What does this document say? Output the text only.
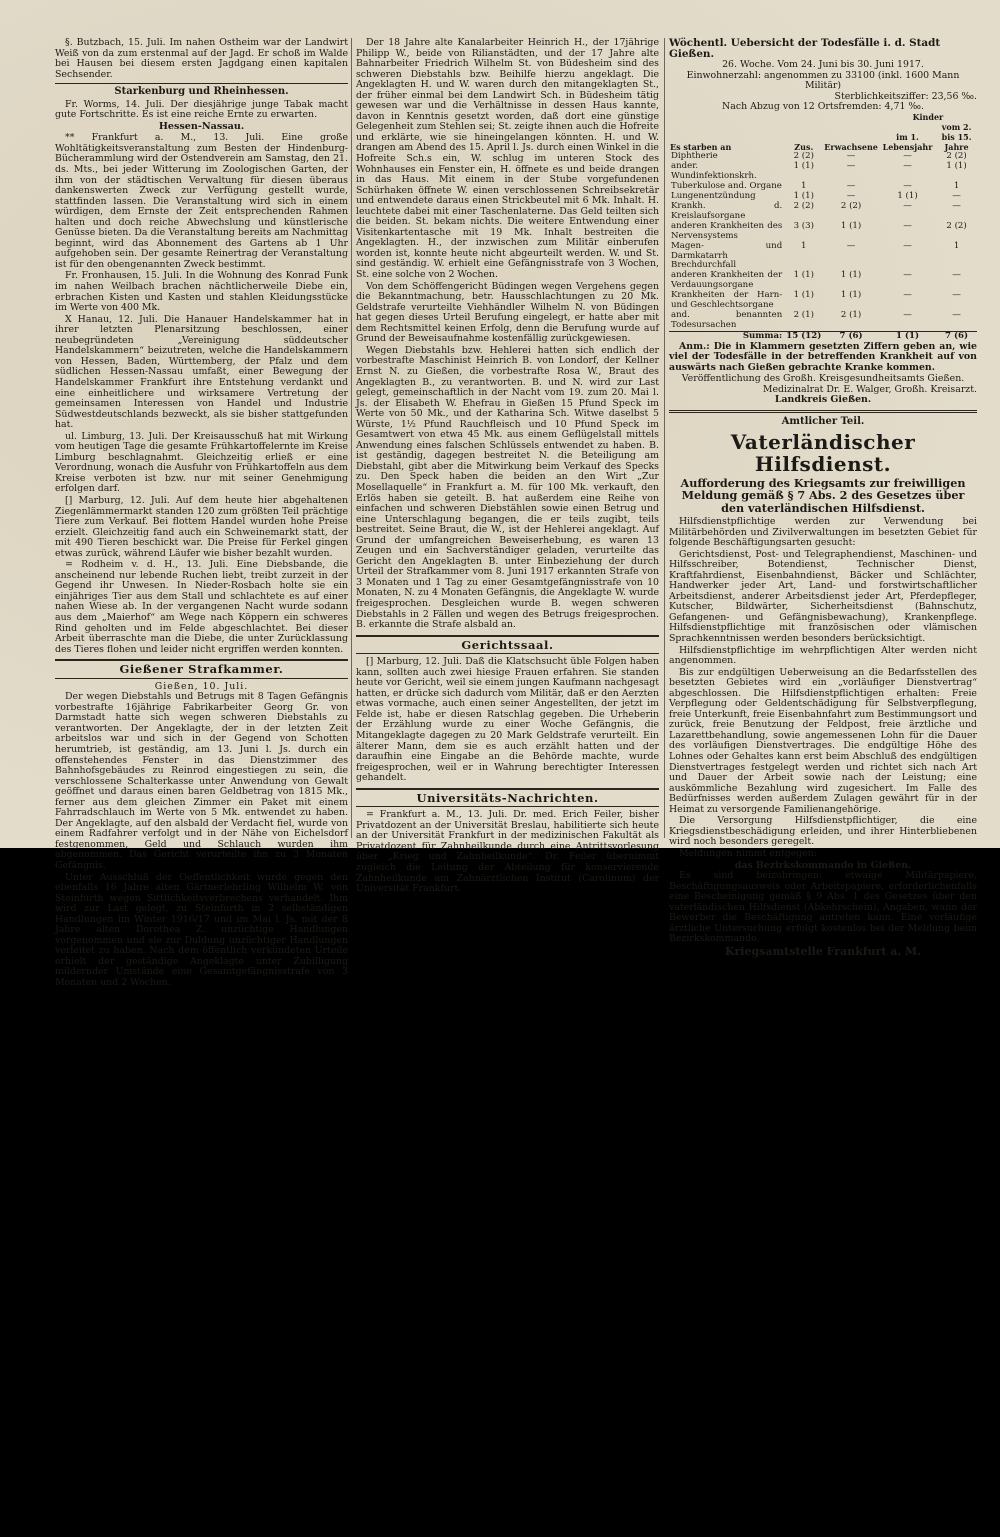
§. Butzbach, 15. Juli. Im nahen Ostheim war der Landwirt Weiß von da zum erstenmal auf der Jagd. Er schoß im Walde bei Hausen bei diesem ersten Jagdgang einen kapitalen Sechsender.

Starkenburg und Rheinhessen.

Fr. Worms, 14. Juli. Der diesjährige junge Tabak macht gute Fortschritte. Es ist eine reiche Ernte zu erwarten.

Hessen-Nassau.

** Frankfurt a. M., 13. Juli. Eine große Wohltätigkeitsveranstaltung zum Besten der Hindenburg-Bücherammlung wird der Ostendverein am Samstag, den 21. ds. Mts., bei jeder Witterung im Zoologischen Garten, der ihm von der städtischen Verwaltung für diesen überaus dankenswerten Zweck zur Verfügung gestellt wurde, stattfinden lassen. Die Veranstaltung wird sich in einem würdigen, dem Ernste der Zeit entsprechenden Rahmen halten und doch reiche Abwechslung und künstlerische Genüsse bieten. Da die Veranstaltung bereits am Nachmittag beginnt, wird das Abonnement des Gartens ab 1 Uhr aufgehoben sein. Der gesamte Reinertrag der Veranstaltung ist für den obengenannten Zweck bestimmt.

Fr. Fronhausen, 15. Juli. In die Wohnung des Konrad Funk im nahen Weilbach brachen nächtlicherweile Diebe ein, erbrachen Kisten und Kasten und stahlen Kleidungsstücke im Werte von 400 Mk.

X Hanau, 12. Juli. Die Hanauer Handelskammer hat in ihrer letzten Plenarsitzung beschlossen, einer neubegründeten „Vereinigung süddeutscher Handelskammern“ beizutreten, welche die Handelskammern von Hessen, Baden, Württemberg, der Pfalz und dem südlichen Hessen-Nassau umfaßt, einer Bewegung der Handelskammer Frankfurt ihre Entstehung verdankt und eine einheitlichere und wirksamere Vertretung der gemeinsamen Interessen von Handel und Industrie Südwestdeutschlands bezweckt, als sie bisher stattgefunden hat.

ul. Limburg, 13. Juli. Der Kreisausschuß hat mit Wirkung vom heutigen Tage die gesamte Frühkartoffelernte im Kreise Limburg beschlagnahmt. Gleichzeitig erließ er eine Verordnung, wonach die Ausfuhr von Frühkartoffeln aus dem Kreise verboten ist bzw. nur mit seiner Genehmigung erfolgen darf.

[] Marburg, 12. Juli. Auf dem heute hier abgehaltenen Ziegenlämmermarkt standen 120 zum größten Teil prächtige Tiere zum Verkauf. Bei flottem Handel wurden hohe Preise erzielt. Gleichzeitig fand auch ein Schweinemarkt statt, der mit 490 Tieren beschickt war. Die Preise für Ferkel gingen etwas zurück, während Läufer wie bisher bezahlt wurden.

= Rodheim v. d. H., 13. Juli. Eine Diebsbande, die anscheinend nur lebende Ruchen liebt, treibt zurzeit in der Gegend ihr Unwesen. In Nieder-Rosbach holte sie ein einjähriges Tier aus dem Stall und schlachtete es auf einer nahen Wiese ab. In der vergangenen Nacht wurde sodann aus dem „Maierhof“ am Wege nach Köppern ein schweres Rind geholten und im Felde abgeschlachtet. Bei dieser Arbeit überraschte man die Diebe, die unter Zurücklassung des Tieres flohen und leider nicht ergriffen werden konnten.

Gießener Strafkammer.
Gießen, 10. Juli.

Der wegen Diebstahls und Betrugs mit 8 Tagen Gefängnis vorbestrafte 16jährige Fabrikarbeiter Georg Gr. von Darmstadt hatte sich wegen schweren Diebstahls zu verantworten. Der Angeklagte, der in der letzten Zeit arbeitslos war und sich in der Gegend von Schotten herumtrieb, ist geständig, am 13. Juni l. Js. durch ein offenstehendes Fenster in das Dienstzimmer des Bahnhofsgebäudes zu Reinrod eingestiegen zu sein, die verschlossene Schalterkasse unter Anwendung von Gewalt geöffnet und daraus einen baren Geldbetrag von 1815 Mk., ferner aus dem gleichen Zimmer ein Paket mit einem Fahrradschlauch im Werte von 5 Mk. entwendet zu haben. Der Angeklagte, auf den alsbald der Verdacht fiel, wurde von einem Radfahrer verfolgt und in der Nähe von Eichelsdorf festgenommen, Geld und Schlauch wurden ihm abgenommen. Das Gericht verurteilte ihn zu 3 Monaten Gefängnis.

Unter Ausschluß der Oeffentlichkeit wurde gegen den ebenfalls 16 Jahre alten Gärtnerlehrling Wilhelm W. von Steinfurth wegen Sittlichkeitsverbrechens verhandelt. Ihm wird zur Last gelegt, zu Steinfurth in 2 selbständigen Handlungen im Winter 1916/17 und im Mai l. Js. mit der 8 Jahre alten Dorothea Z. unzüchtige Handlungen vorgenommen und sie zur Duldung unzüchtiger Handlungen verleitet zu haben. Nach dem öffentlich verkündeten Urteile erhielt der geständige Angeklagte unter Zubilligung mildernder Umstände eine Gesamtgefängnisstrafe von 3 Monaten und 2 Wochen.

Der 18 Jahre alte Kanalarbeiter Heinrich H., der 17jährige Philipp W., beide von Rilianstädten, und der 17 Jahre alte Bahnarbeiter Friedrich Wilhelm St. von Büdesheim sind des schweren Diebstahls bzw. Beihilfe hierzu angeklagt. Die Angeklagten H. und W. waren durch den mitangeklagten St., der früher einmal bei dem Landwirt Sch. in Büdesheim tätig gewesen war und die Verhältnisse in dessen Haus kannte, davon in Kenntnis gesetzt worden, daß dort eine günstige Gelegenheit zum Stehlen sei; St. zeigte ihnen auch die Hofreite und erklärte, wie sie hineingelangen könnten. H. und W. drangen am Abend des 15. April l. Js. durch einen Winkel in die Hofreite Sch.s ein, W. schlug im unteren Stock des Wohnhauses ein Fenster ein, H. öffnete es und beide drangen in das Haus. Mit einem in der Stube vorgefundenen Schürhaken öffnete W. einen verschlossenen Schreibsekretär und entwendete daraus einen Strickbeutel mit 6 Mk. Inhalt. H. leuchtete dabei mit einer Taschenlaterne. Das Geld teilten sich die beiden. St. bekam nichts. Die weitere Entwendung einer Visitenkartentasche mit 19 Mk. Inhalt bestreiten die Angeklagten. H., der inzwischen zum Militär einberufen worden ist, konnte heute nicht abgeurteilt werden. W. und St. sind geständig. W. erhielt eine Gefängnisstrafe von 3 Wochen, St. eine solche von 2 Wochen.

Von dem Schöffengericht Büdingen wegen Vergehens gegen die Bekanntmachung, betr. Hausschlachtungen zu 20 Mk. Geldstrafe verurteilte Viehhändler Wilhelm N. von Büdingen hat gegen dieses Urteil Berufung eingelegt, er hatte aber mit dem Rechtsmittel keinen Erfolg, denn die Berufung wurde auf Grund der Beweisaufnahme kostenfällig zurückgewiesen.

Wegen Diebstahls bzw. Hehlerei hatten sich endlich der vorbestrafte Maschinist Heinrich B. von Londorf, der Kellner Ernst N. zu Gießen, die vorbestrafte Rosa W., Braut des Angeklagten B., zu verantworten. B. und N. wird zur Last gelegt, gemeinschaftlich in der Nacht vom 19. zum 20. Mai l. Js. der Elisabeth W. Ehefrau in Gießen 15 Pfund Speck im Werte von 50 Mk., und der Katharina Sch. Witwe daselbst 5 Würste, 1½ Pfund Rauchfleisch und 10 Pfund Speck im Gesamtwert von etwa 45 Mk. aus einem Geflügelstall mittels Anwendung eines falschen Schlüssels entwendet zu haben. B. ist geständig, dagegen bestreitet N. die Beteiligung am Diebstahl, gibt aber die Mitwirkung beim Verkauf des Specks zu. Den Speck haben die beiden an den Wirt „Zur Mosellaquelle“ in Frankfurt a. M. für 100 Mk. verkauft, den Erlös haben sie geteilt. B. hat außerdem eine Reihe von einfachen und schweren Diebstählen sowie einen Betrug und eine Unterschlagung begangen, die er teils zugibt, teils bestreitet. Seine Braut, die W., ist der Hehlerei angeklagt. Auf Grund der umfangreichen Beweiserhebung, es waren 13 Zeugen und ein Sachverständiger geladen, verurteilte das Gericht den Angeklagten B. unter Einbeziehung der durch Urteil der Strafkammer vom 8. Juni 1917 erkannten Strafe von 3 Monaten und 1 Tag zu einer Gesamtgefängnisstrafe von 10 Monaten, N. zu 4 Monaten Gefängnis, die Angeklagte W. wurde freigesprochen. Desgleichen wurde B. wegen schweren Diebstahls in 2 Fällen und wegen des Betrugs freigesprochen. B. erkannte die Strafe alsbald an.

Gerichtssaal.

[] Marburg, 12. Juli. Daß die Klatschsucht üble Folgen haben kann, sollten auch zwei hiesige Frauen erfahren. Sie standen heute vor Gericht, weil sie einem jungen Kaufmann nachgesagt hatten, er drücke sich dadurch vom Militär, daß er den Aerzten etwas vormache, auch einen seiner Angestellten, der jetzt im Felde ist, habe er diesen Ratschlag gegeben. Die Urheberin der Erzählung wurde zu einer Woche Gefängnis, die Mitangeklagte dagegen zu 20 Mark Geldstrafe verurteilt. Ein älterer Mann, dem sie es auch erzählt hatten und der daraufhin eine Eingabe an die Behörde machte, wurde freigesprochen, weil er in Wahrung berechtigter Interessen gehandelt.

Universitäts-Nachrichten.

= Frankfurt a. M., 13. Juli. Dr. med. Erich Feiler, bisher Privatdozent an der Universität Breslau, habilitierte sich heute an der Universität Frankfurt in der medizinischen Fakultät als Privatdozent für Zahnheilkunde durch eine Antrittsvorlesung über „Krieg und Zahnheilkunde“. Dr. Feiler übernimmt zugleich die Leitung der Abteilung für konservierende Zahnheilkunde am Zahnärztlichen Institut (Carolinum) der Universität Frankfurt.

Wöchentl. Uebersicht der Todesfälle i. d. Stadt Gießen.
26. Woche. Vom 24. Juni bis 30. Juni 1917.
Einwohnerzahl: angenommen zu 33100 (inkl. 1600 Mann Militär)
Sterblichkeitsziffer: 23,56 ‰.
Nach Abzug von 12 Ortsfremden: 4,71 ‰.
Es starben an	Zus.	Erwachsene	Kinder	
			im 1. Lebensjahr	vom 2. bis 15. Jahre
Diphtherie	2 (2)	—	—	2 (2)
ander. Wundinfektionskrh.	1 (1)	—	—	1 (1)
Tuberkulose and. Organe	1	—	—	1
Lungenentzündung	1 (1)	—	1 (1)	—
Krankh. d. Kreislaufsorgane	2 (2)	2 (2)	—	—
anderen Krankheiten des Nervensystems	3 (3)	1 (1)	—	2 (2)
Magen- und Darmkatarrh Brechdurchfall	1	—	—	1
anderen Krankheiten der Verdauungsorgane	1 (1)	1 (1)	—	—
Krankheiten der Harn- und Geschlechtsorgane	1 (1)	1 (1)	—	—
and. benannten Todesursachen	2 (1)	2 (1)	—	—
Summa:	15 (12)	7 (6)	1 (1)	7 (6)

Anm.: Die in Klammern gesetzten Ziffern geben an, wie viel der Todesfälle in der betreffenden Krankheit auf von auswärts nach Gießen gebrachte Kranke kommen.

Veröffentlichung des Großh. Kreisgesundheitsamts Gießen.
Medizinalrat Dr. E. Walger, Großh. Kreisarzt.
Landkreis Gießen.
Amtlicher Teil.
Vaterländischer Hilfsdienst.
Aufforderung des Kriegsamts zur freiwilligen Meldung gemäß § 7 Abs. 2 des Gesetzes über den vaterländischen Hilfsdienst.

Hilfsdienstpflichtige werden zur Verwendung bei Militärbehörden und Zivilverwaltungen im besetzten Gebiet für folgende Beschäftigungsarten gesucht:

Gerichtsdienst, Post- und Telegraphendienst, Maschinen- und Hilfsschreiber, Botendienst, Technischer Dienst, Kraftfahrdienst, Eisenbahndienst, Bäcker und Schlächter, Handwerker jeder Art, Land- und forstwirtschaftlicher Arbeitsdienst, anderer Arbeitsdienst jeder Art, Pferdepfleger, Kutscher, Bildwärter, Sicherheitsdienst (Bahnschutz, Gefangenen- und Gefängnisbewachung), Krankenpflege. Hilfsdienstpflichtige mit französischen oder vlämischen Sprachkenntnissen werden besonders berücksichtigt.

Hilfsdienstpflichtige im wehrpflichtigen Alter werden nicht angenommen.

Bis zur endgültigen Ueberweisung an die Bedarfsstellen des besetzten Gebietes wird ein „vorläufiger Dienstvertrag“ abgeschlossen. Die Hilfsdienstpflichtigen erhalten: Freie Verpflegung oder Geldentschädigung für Selbstverpflegung, freie Unterkunft, freie Eisenbahnfahrt zum Bestimmungsort und zurück, freie Benutzung der Feldpost, freie ärztliche und Lazarettbehandlung, sowie angemessenen Lohn für die Dauer des vorläufigen Dienstvertrages. Die endgültige Höhe des Lohnes oder Gehaltes kann erst beim Abschluß des endgültigen Dienstvertrages festgelegt werden und richtet sich nach Art und Dauer der Arbeit sowie nach der Leistung; eine auskömmliche Bezahlung wird zugesichert. Im Falle des Bedürfnisses werden außerdem Zulagen gewährt für in der Heimat zu versorgende Familienangehörige.

Die Versorgung Hilfsdienstpflichtiger, die eine Kriegsdienstbeschädigung erleiden, und ihrer Hinterbliebenen wird noch besonders geregelt.

Meldungen nimmt entgegen:

das Bezirkskommando in Gießen.

Es sind beizubringen: etwaige Militärpapiere, Beschäftigungsausweis oder Arbeitspapiere, erforderlichenfalls eine Bescheinigung gemäß § 9 Abs. 1 des Gesetzes über den vaterländischen Hilfsdienst (Abkehrschein), Angaben, wann der Bewerber die Beschäftigung antreten kann. Eine vorläufige ärztliche Untersuchung erfolgt kostenlos bei der Meldung beim Bezirkskommando.

Kriegsamtstelle Frankfurt a. M.
